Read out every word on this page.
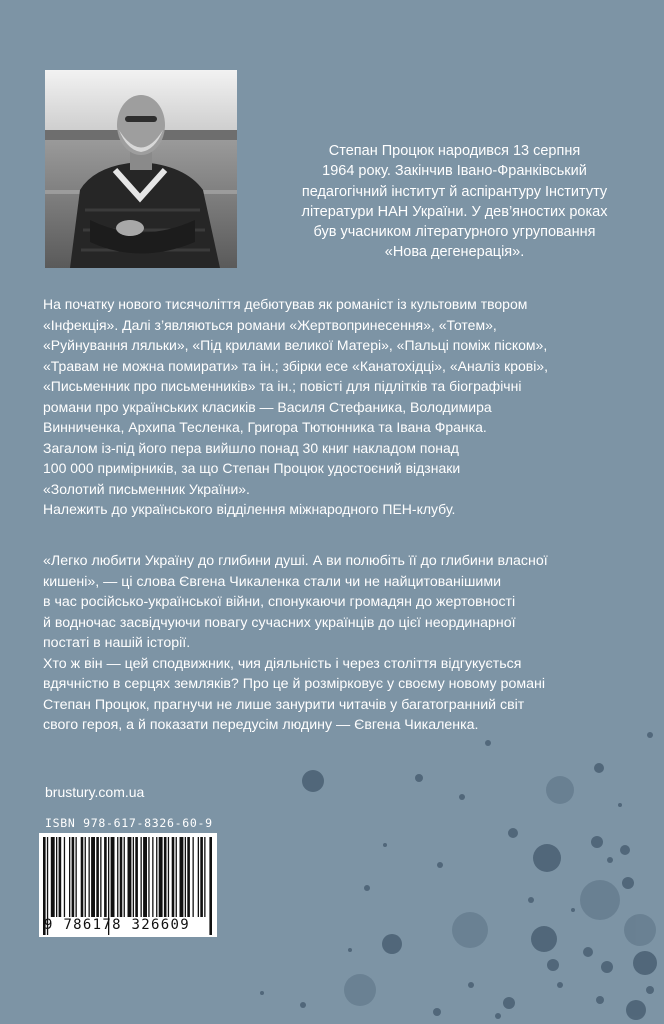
Степан Процюк народився 13 серпня
1964 року. Закінчив Івано-Франківський
педагогічний інститут й аспірантуру Інституту
літератури НАН України. У дев’яностих роках
був учасником літературного угруповання
«Нова дегенерація».

На початку нового тисячоліття дебютував як романіст із культовим твором
«Інфекція». Далі з’являються романи «Жертвопринесення», «Тотем»,
«Руйнування ляльки», «Під крилами великої Матері», «Пальці поміж піском»,
«Травам не можна помирати» та ін.; збірки есе «Канатохідці», «Аналіз крові»,
«Письменник про письменників» та ін.; повісті для підлітків та біографічні
романи про українських класиків — Василя Стефаника, Володимира
Винниченка, Архипа Тесленка, Григора Тютюнника та Івана Франка.
Загалом із-під його пера вийшло понад 30 книг накладом понад
100 000 примірників, за що Степан Процюк удостоєний відзнаки
«Золотий письменник України».
Належить до українського відділення міжнародного ПЕН-клубу.

«Легко любити Україну до глибини душі. А ви полюбіть її до глибини власної
кишені», — ці слова Євгена Чикаленка стали чи не найцитованішими
в час російсько-української війни, спонукаючи громадян до жертовності
й водночас засвідчуючи повагу сучасних українців до цієї неординарної
постаті в нашій історії.
Хто ж він — цей сподвижник, чия діяльність і через століття відгукується
вдячністю в серцях земляків? Про це й розмірковує у своєму новому романі
Степан Процюк, прагнучи не лише занурити читачів у багатогранний світ
свого героя, а й показати передусім людину — Євгена Чикаленка.

brustury.com.ua

ISBN 978-617-8326-60-9

9 786178 326609
